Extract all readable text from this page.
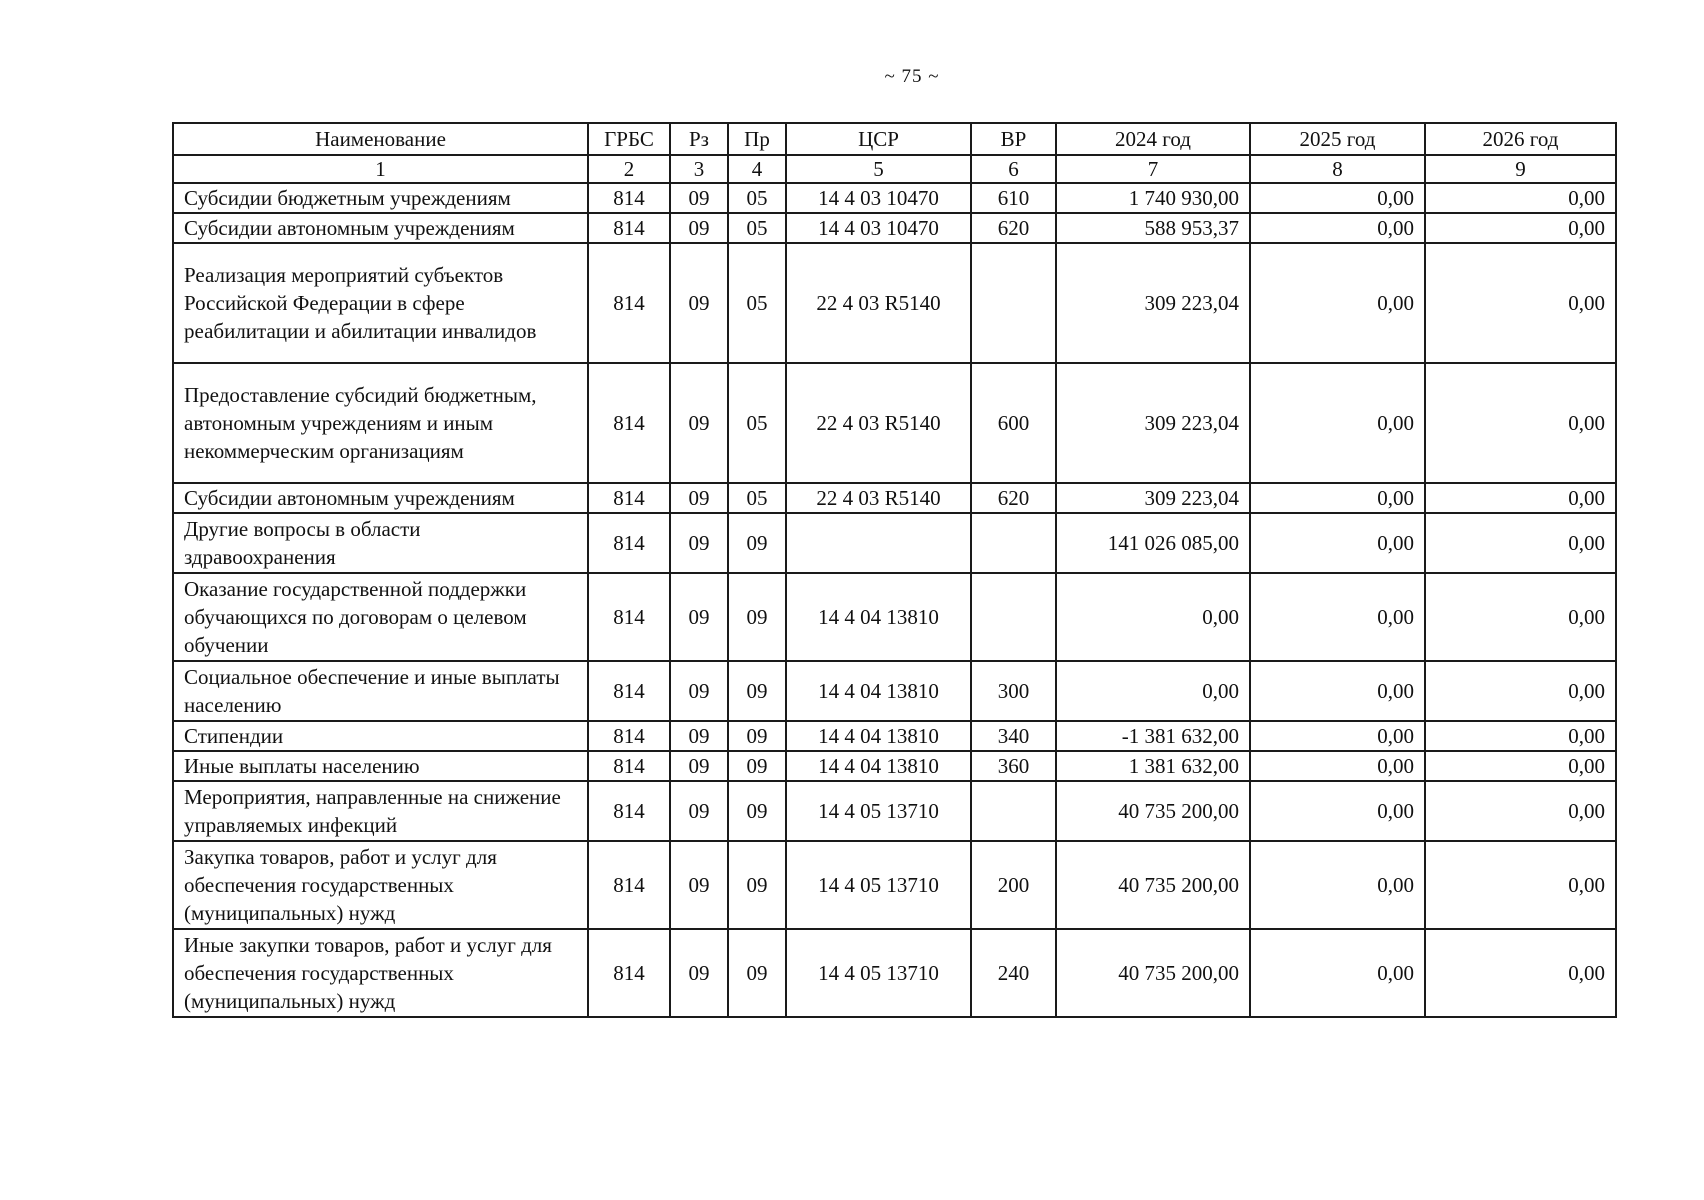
~ 75 ~
Наименование	ГРБС	Рз	Пр	ЦСР	ВР	2024 год	2025 год	2026 год
1	2	3	4	5	6	7	8	9
Субсидии бюджетным учреждениям	814	09	05	14 4 03 10470	610	1 740 930,00	0,00	0,00
Субсидии автономным учреждениям	814	09	05	14 4 03 10470	620	588 953,37	0,00	0,00
Реализация мероприятий субъектов Российской Федерации в сфере реабилитации и абилитации инвалидов	814	09	05	22 4 03 R5140		309 223,04	0,00	0,00
Предоставление субсидий бюджетным, автономным учреждениям и иным некоммерческим организациям	814	09	05	22 4 03 R5140	600	309 223,04	0,00	0,00
Субсидии автономным учреждениям	814	09	05	22 4 03 R5140	620	309 223,04	0,00	0,00
Другие вопросы в области здравоохранения	814	09	09			141 026 085,00	0,00	0,00
Оказание государственной поддержки обучающихся по договорам о целевом обучении	814	09	09	14 4 04 13810		0,00	0,00	0,00
Социальное обеспечение и иные выплаты населению	814	09	09	14 4 04 13810	300	0,00	0,00	0,00
Стипендии	814	09	09	14 4 04 13810	340	-1 381 632,00	0,00	0,00
Иные выплаты населению	814	09	09	14 4 04 13810	360	1 381 632,00	0,00	0,00
Мероприятия, направленные на снижение управляемых инфекций	814	09	09	14 4 05 13710		40 735 200,00	0,00	0,00
Закупка товаров, работ и услуг для обеспечения государственных (муниципальных) нужд	814	09	09	14 4 05 13710	200	40 735 200,00	0,00	0,00
Иные закупки товаров, работ и услуг для обеспечения государственных (муниципальных) нужд	814	09	09	14 4 05 13710	240	40 735 200,00	0,00	0,00
